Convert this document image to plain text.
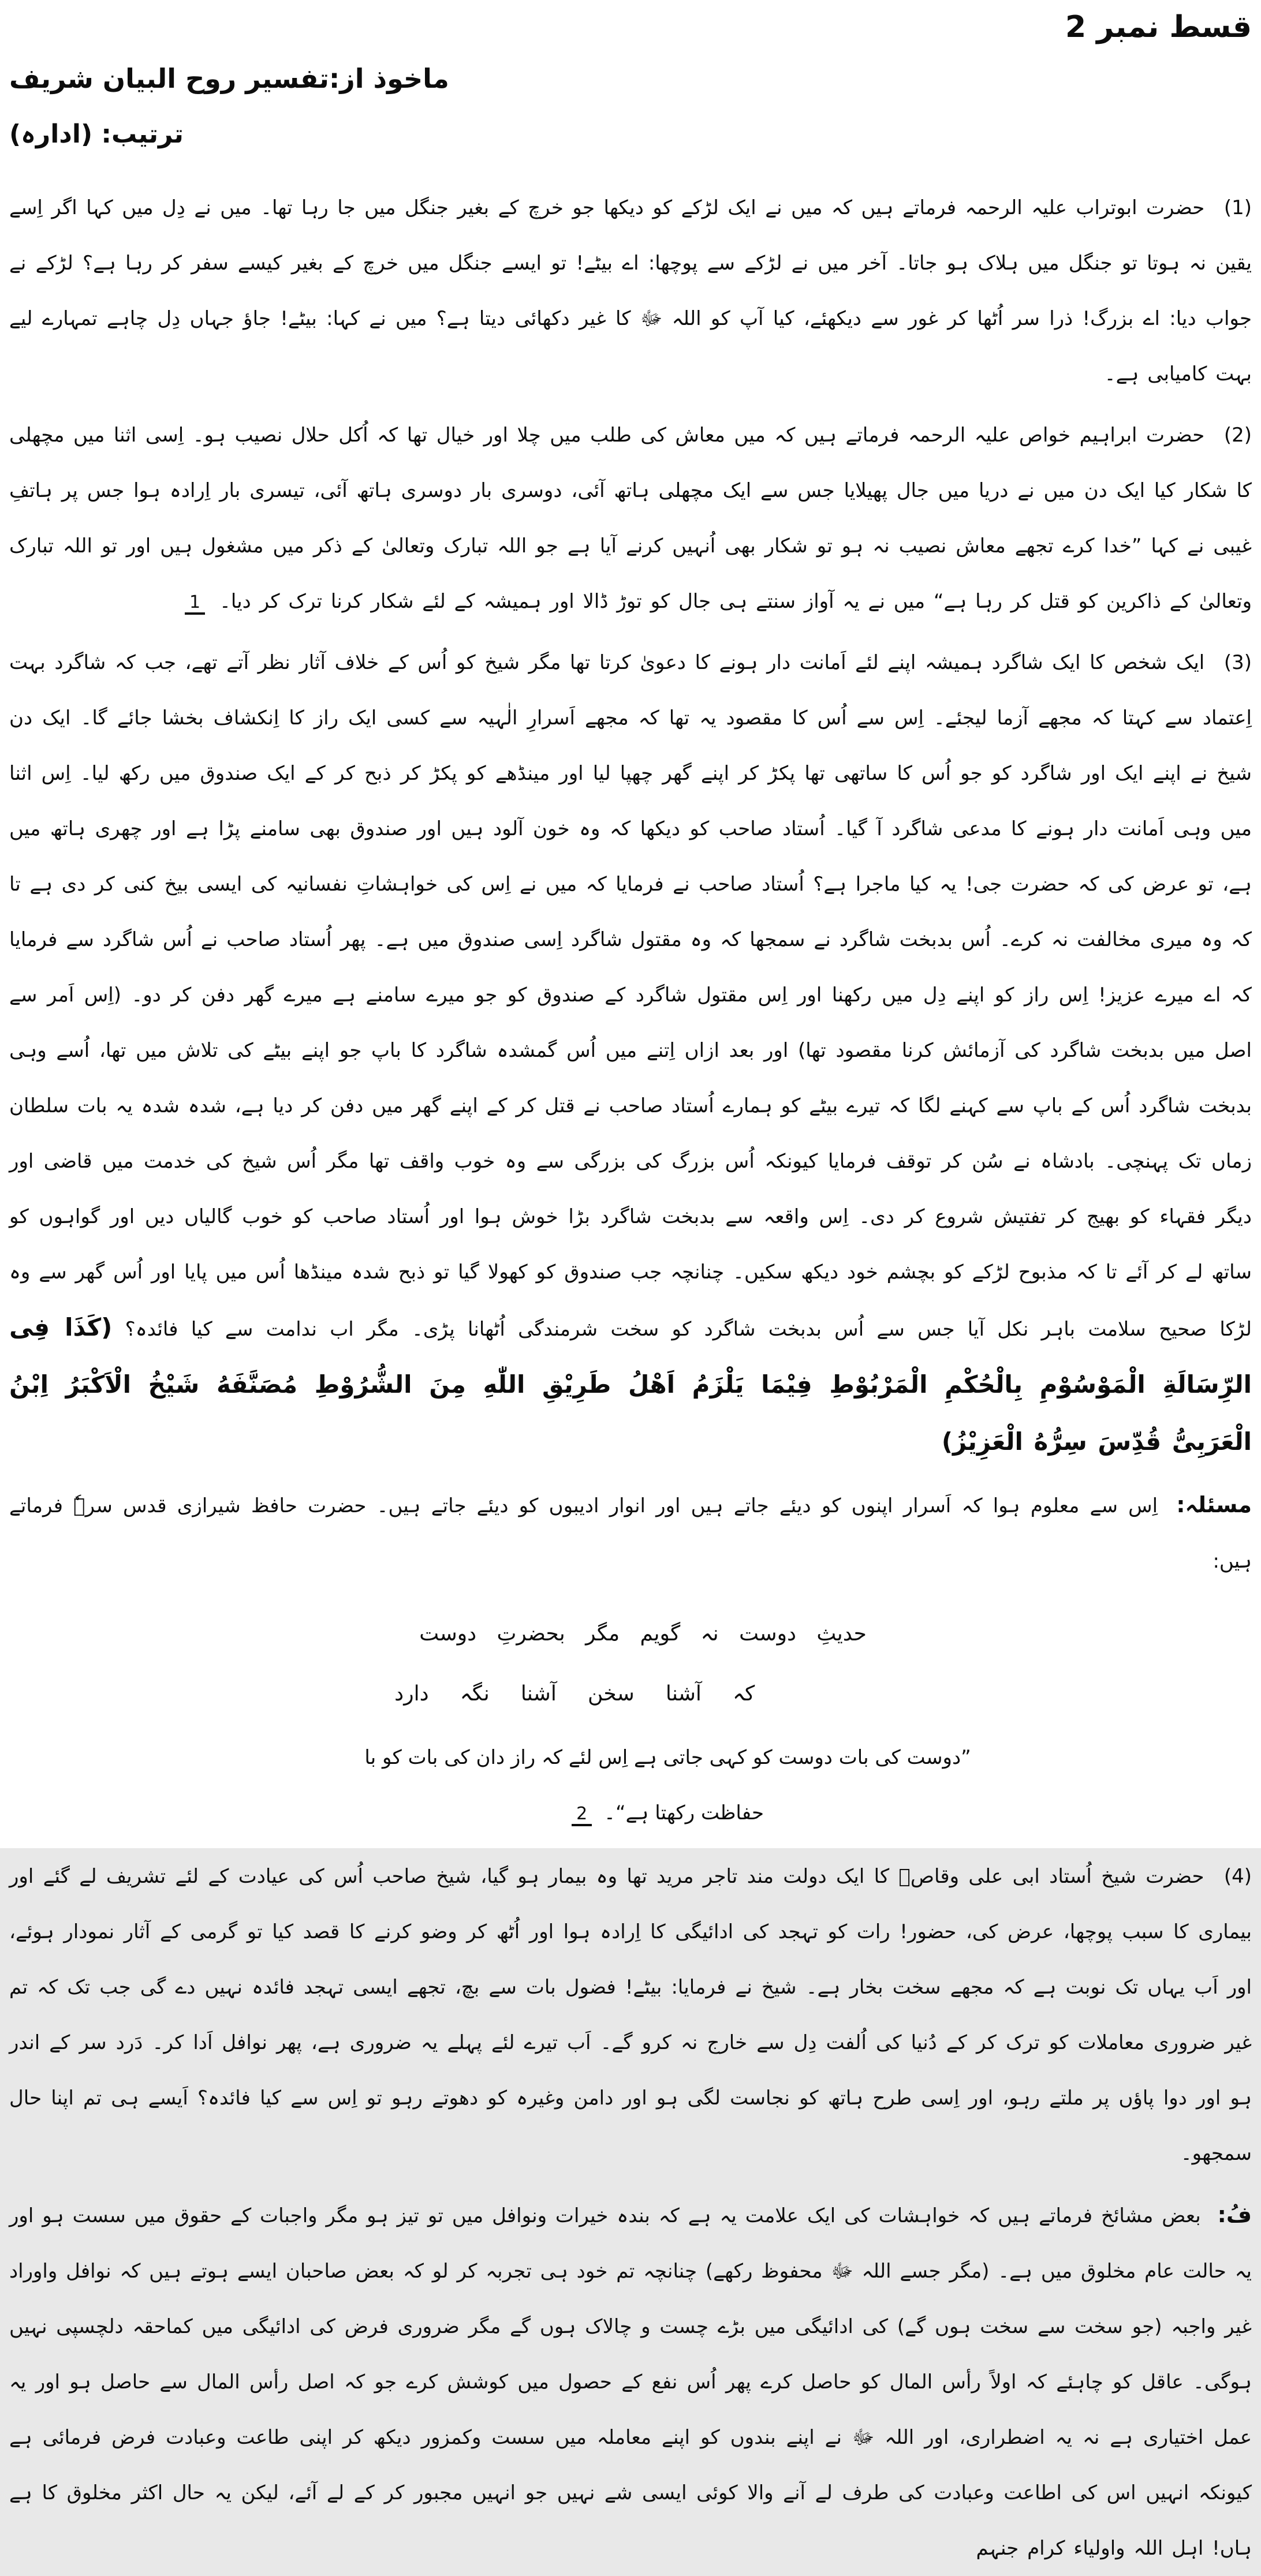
قسط نمبر 2
ماخوذ از:تفسیر روح البیان شریف
ترتیب: (ادارہ)

(1) حضرت ابوتراب علیہ الرحمہ فرماتے ہیں کہ میں نے ایک لڑکے کو دیکھا جو خرچ کے بغیر جنگل میں جا رہا تھا۔ میں نے دِل میں کہا اگر اِسے یقین نہ ہوتا تو جنگل میں ہلاک ہو جاتا۔ آخر میں نے لڑکے سے پوچھا: اے بیٹے! تو ایسے جنگل میں خرچ کے بغیر کیسے سفر کر رہا ہے؟ لڑکے نے جواب دیا: اے بزرگ! ذرا سر اُٹھا کر غور سے دیکھئے، کیا آپ کو اللہ ﷻ کا غیر دکھائی دیتا ہے؟ میں نے کہا: بیٹے! جاؤ جہاں دِل چاہے تمہارے لیے بہت کامیابی ہے۔

(2) حضرت ابراہیم خواص علیہ الرحمہ فرماتے ہیں کہ میں معاش کی طلب میں چلا اور خیال تھا کہ اُکل حلال نصیب ہو۔ اِسی اثنا میں مچھلی کا شکار کیا ایک دن میں نے دریا میں جال پھیلایا جس سے ایک مچھلی ہاتھ آئی، دوسری بار دوسری ہاتھ آئی، تیسری بار اِرادہ ہوا جس پر ہاتفِ غیبی نے کہا ”خدا کرے تجھے معاش نصیب نہ ہو تو شکار بھی اُنہیں کرنے آیا ہے جو اللہ تبارک وتعالیٰ کے ذکر میں مشغول ہیں اور تو اللہ تبارک وتعالیٰ کے ذاکرین کو قتل کر رہا ہے“ میں نے یہ آواز سنتے ہی جال کو توڑ ڈالا اور ہمیشہ کے لئے شکار کرنا ترک کر دیا۔ 1

(3) ایک شخص کا ایک شاگرد ہمیشہ اپنے لئے اَمانت دار ہونے کا دعویٰ کرتا تھا مگر شیخ کو اُس کے خلاف آثار نظر آتے تھے، جب کہ شاگرد بہت اِعتماد سے کہتا کہ مجھے آزما لیجئے۔ اِس سے اُس کا مقصود یہ تھا کہ مجھے اَسرارِ الٰہیہ سے کسی ایک راز کا اِنکشاف بخشا جائے گا۔ ایک دن شیخ نے اپنے ایک اور شاگرد کو جو اُس کا ساتھی تھا پکڑ کر اپنے گھر چھپا لیا اور مینڈھے کو پکڑ کر ذبح کر کے ایک صندوق میں رکھ لیا۔ اِس اثنا میں وہی اَمانت دار ہونے کا مدعی شاگرد آ گیا۔ اُستاد صاحب کو دیکھا کہ وہ خون آلود ہیں اور صندوق بھی سامنے پڑا ہے اور چھری ہاتھ میں ہے، تو عرض کی کہ حضرت جی! یہ کیا ماجرا ہے؟ اُستاد صاحب نے فرمایا کہ میں نے اِس کی خواہشاتِ نفسانیہ کی ایسی بیخ کنی کر دی ہے تا کہ وہ میری مخالفت نہ کرے۔ اُس بدبخت شاگرد نے سمجھا کہ وہ مقتول شاگرد اِسی صندوق میں ہے۔ پھر اُستاد صاحب نے اُس شاگرد سے فرمایا کہ اے میرے عزیز! اِس راز کو اپنے دِل میں رکھنا اور اِس مقتول شاگرد کے صندوق کو جو میرے سامنے ہے میرے گھر دفن کر دو۔ (اِس اَمر سے اصل میں بدبخت شاگرد کی آزمائش کرنا مقصود تھا) اور بعد ازاں اِتنے میں اُس گمشدہ شاگرد کا باپ جو اپنے بیٹے کی تلاش میں تھا، اُسے وہی بدبخت شاگرد اُس کے باپ سے کہنے لگا کہ تیرے بیٹے کو ہمارے اُستاد صاحب نے قتل کر کے اپنے گھر میں دفن کر دیا ہے، شدہ شدہ یہ بات سلطان زماں تک پہنچی۔ بادشاہ نے سُن کر توقف فرمایا کیونکہ اُس بزرگ کی بزرگی سے وہ خوب واقف تھا مگر اُس شیخ کی خدمت میں قاضی اور دیگر فقہاء کو بھیج کر تفتیش شروع کر دی۔ اِس واقعہ سے بدبخت شاگرد بڑا خوش ہوا اور اُستاد صاحب کو خوب گالیاں دیں اور گواہوں کو ساتھ لے کر آئے تا کہ مذبوح لڑکے کو بچشم خود دیکھ سکیں۔ چنانچہ جب صندوق کو کھولا گیا تو ذبح شدہ مینڈھا اُس میں پایا اور اُس گھر سے وہ لڑکا صحیح سلامت باہر نکل آیا جس سے اُس بدبخت شاگرد کو سخت شرمندگی اُٹھانا پڑی۔ مگر اب ندامت سے کیا فائدہ؟ (کَذَا فِی الرِّسَالَةِ الْمَوْسُوْمِ بِالْحُکْمِ الْمَرْبُوْطِ فِیْمَا یَلْزَمُ اَهْلُ طَرِیْقِ اللّٰهِ مِنَ الشُّرُوْطِ مُصَنَّفَهُ شَیْخُ الْاَکْبَرُ اِبْنُ الْعَرَبِیُّ قُدِّسَ سِرُّهُ الْعَزِیْزُ)

مسئلہ: اِس سے معلوم ہوا کہ اَسرار اپنوں کو دیئے جاتے ہیں اور انوار ادیبوں کو دیئے جاتے ہیں۔ حضرت حافظ شیرازی قدس سرہٗ فرماتے ہیں:

حدیثِ
دوست
نہ
گویم
مگر
بحضرتِ
دوست
کہ
آشنا
سخن
آشنا
نگہ
دارد

”دوست کی بات دوست کو کہی جاتی ہے اِس لئے کہ راز دان کی بات کو با حفاظت رکھتا ہے“۔ 2

(4) حضرت شیخ اُستاد ابی علی وقاصؒ کا ایک دولت مند تاجر مرید تھا وہ بیمار ہو گیا، شیخ صاحب اُس کی عیادت کے لئے تشریف لے گئے اور بیماری کا سبب پوچھا، عرض کی، حضور! رات کو تہجد کی ادائیگی کا اِرادہ ہوا اور اُٹھ کر وضو کرنے کا قصد کیا تو گرمی کے آثار نمودار ہوئے، اور اَب یہاں تک نوبت ہے کہ مجھے سخت بخار ہے۔ شیخ نے فرمایا: بیٹے! فضول بات سے بچ، تجھے ایسی تہجد فائدہ نہیں دے گی جب تک کہ تم غیر ضروری معاملات کو ترک کر کے دُنیا کی اُلفت دِل سے خارج نہ کرو گے۔ اَب تیرے لئے پہلے یہ ضروری ہے، پھر نوافل اَدا کر۔ دَرد سر کے اندر ہو اور دوا پاؤں پر ملتے رہو، اور اِسی طرح ہاتھ کو نجاست لگی ہو اور دامن وغیرہ کو دھوتے رہو تو اِس سے کیا فائدہ؟ اَیسے ہی تم اپنا حال سمجھو۔

فُ: بعض مشائخ فرماتے ہیں کہ خواہشات کی ایک علامت یہ ہے کہ بندہ خیرات ونوافل میں تو تیز ہو مگر واجبات کے حقوق میں سست ہو اور یہ حالت عام مخلوق میں ہے۔ (مگر جسے اللہ ﷻ محفوظ رکھے) چنانچہ تم خود ہی تجربہ کر لو کہ بعض صاحبان ایسے ہوتے ہیں کہ نوافل واوراد غیر واجبہ (جو سخت سے سخت ہوں گے) کی ادائیگی میں بڑے چست و چالاک ہوں گے مگر ضروری فرض کی ادائیگی میں کماحقہ دلچسپی نہیں ہوگی۔ عاقل کو چاہئے کہ اولاً رأس المال کو حاصل کرے پھر اُس نفع کے حصول میں کوشش کرے جو کہ اصل رأس المال سے حاصل ہو اور یہ عمل اختیاری ہے نہ یہ اضطراری، اور اللہ ﷻ نے اپنے بندوں کو اپنے معاملہ میں سست وکمزور دیکھ کر اپنی طاعت وعبادت فرض فرمائی ہے کیونکہ انہیں اس کی اطاعت وعبادت کی طرف لے آنے والا کوئی ایسی شے نہیں جو انہیں مجبور کر کے لے آئے، لیکن یہ حال اکثر مخلوق کا ہے ہاں! اہل اللہ واولیاء کرام جنہم
